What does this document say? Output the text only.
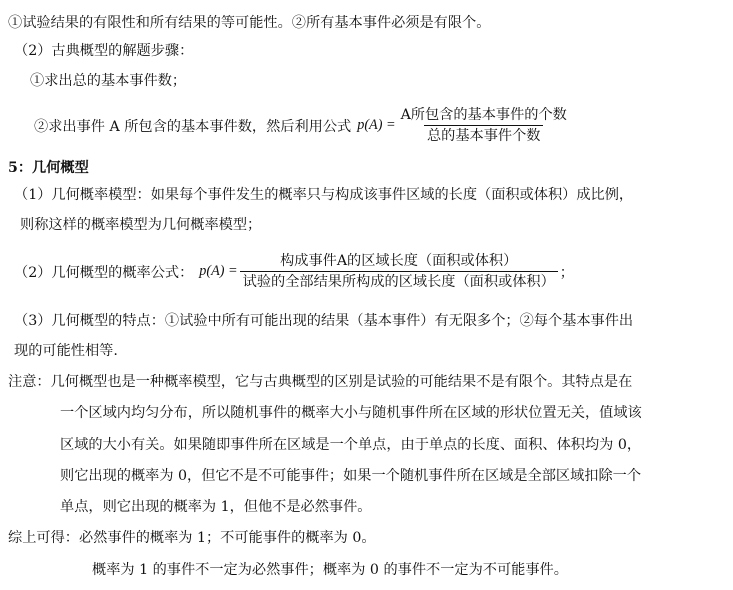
①试验结果的有限性和所有结果的等可能性。②所有基本事件必须是有限个。
（2）古典概型的解题步骤：
①求出总的基本事件数；
②求出事件 A 所包含的基本事件数，然后利用公式 $p(A) = \frac{\text{A所包含的基本事件的个数}}{\text{总的基本事件个数}}$
5：几何概型
（1）几何概率模型：如果每个事件发生的概率只与构成该事件区域的长度（面积或体积）成比例，
则称这样的概率模型为几何概率模型；
（2）几何概型的概率公式： $p(A) = \frac{\text{构成事件A的区域长度（面积或体积）}}{\text{试验的全部结果所构成的区域长度（面积或体积）}}$ ；
（3）几何概型的特点：①试验中所有可能出现的结果（基本事件）有无限多个；②每个基本事件出
现的可能性相等.
注意：几何概型也是一种概率模型，它与古典概型的区别是试验的可能结果不是有限个。其特点是在
一个区域内均匀分布，所以随机事件的概率大小与随机事件所在区域的形状位置无关，值域该
区域的大小有关。如果随即事件所在区域是一个单点，由于单点的长度、面积、体积均为 0，
则它出现的概率为 0，但它不是不可能事件；如果一个随机事件所在区域是全部区域扣除一个
单点，则它出现的概率为 1，但他不是必然事件。
综上可得：必然事件的概率为 1；不可能事件的概率为 0。
概率为 1 的事件不一定为必然事件；概率为 0 的事件不一定为不可能事件。
